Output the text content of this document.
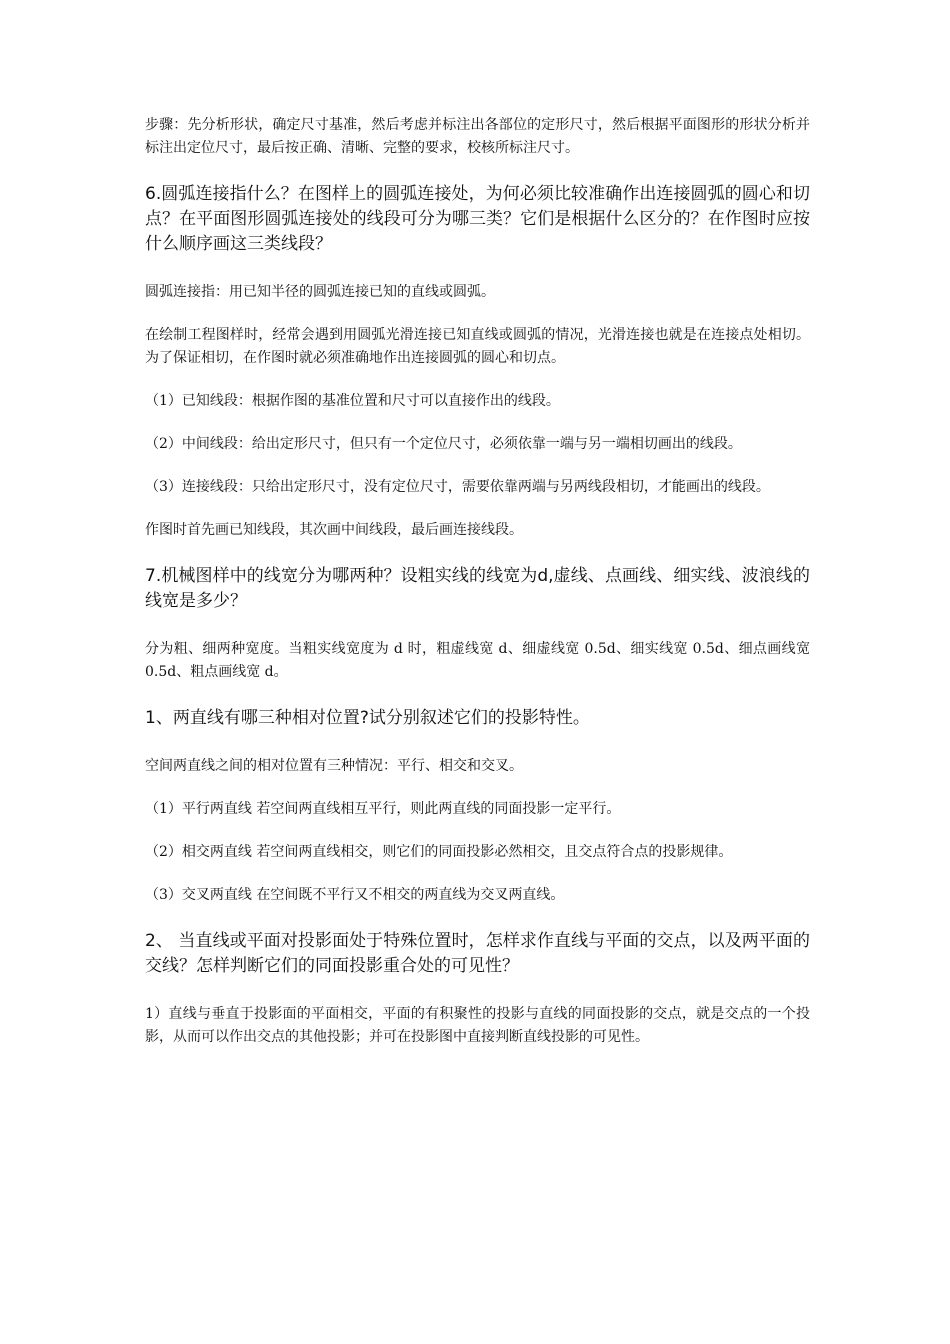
步骤：先分析形状，确定尺寸基准，然后考虑并标注出各部位的定形尺寸，然后根据平面图形的形状分析并标注出定位尺寸，最后按正确、清晰、完整的要求，校核所标注尺寸。

6.圆弧连接指什么？在图样上的圆弧连接处，为何必须比较准确作出连接圆弧的圆心和切点？在平面图形圆弧连接处的线段可分为哪三类？它们是根据什么区分的？在作图时应按什么顺序画这三类线段？

圆弧连接指：用已知半径的圆弧连接已知的直线或圆弧。

在绘制工程图样时，经常会遇到用圆弧光滑连接已知直线或圆弧的情况，光滑连接也就是在连接点处相切。为了保证相切，在作图时就必须准确地作出连接圆弧的圆心和切点。

（1）已知线段：根据作图的基准位置和尺寸可以直接作出的线段。

（2）中间线段：给出定形尺寸，但只有一个定位尺寸，必须依靠一端与另一端相切画出的线段。

（3）连接线段：只给出定形尺寸，没有定位尺寸，需要依靠两端与另两线段相切，才能画出的线段。

作图时首先画已知线段，其次画中间线段，最后画连接线段。

7.机械图样中的线宽分为哪两种？设粗实线的线宽为d,虚线、点画线、细实线、波浪线的线宽是多少？

分为粗、细两种宽度。当粗实线宽度为 d 时，粗虚线宽 d、细虚线宽 0.5d、细实线宽 0.5d、细点画线宽 0.5d、粗点画线宽 d。

1、两直线有哪三种相对位置?试分别叙述它们的投影特性。

空间两直线之间的相对位置有三种情况：平行、相交和交叉。

（1）平行两直线 若空间两直线相互平行，则此两直线的同面投影一定平行。

（2）相交两直线 若空间两直线相交，则它们的同面投影必然相交，且交点符合点的投影规律。

（3）交叉两直线 在空间既不平行又不相交的两直线为交叉两直线。

2、 当直线或平面对投影面处于特殊位置时，怎样求作直线与平面的交点，以及两平面的交线？怎样判断它们的同面投影重合处的可见性？

1）直线与垂直于投影面的平面相交，平面的有积聚性的投影与直线的同面投影的交点，就是交点的一个投影，从而可以作出交点的其他投影；并可在投影图中直接判断直线投影的可见性。
